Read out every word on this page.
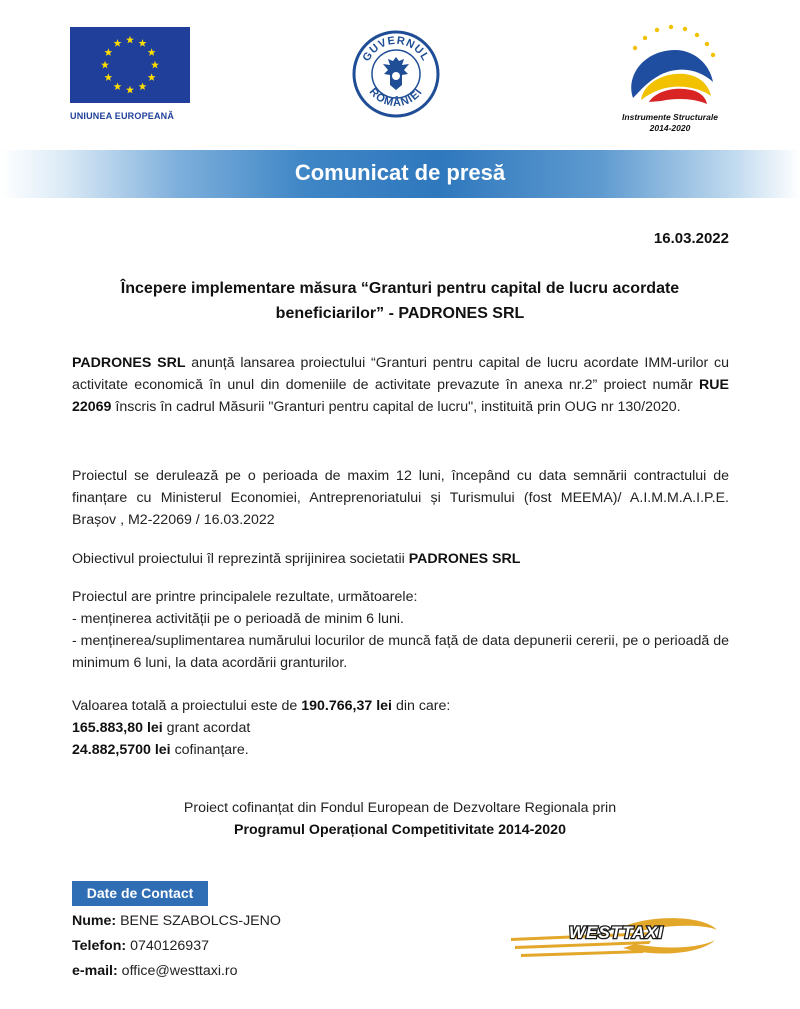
UNIUNEA EUROPEANĂ
GUVERNUL
ROMÂNIEI
Instrumente Structurale
2014-2020
Comunicat de presă
16.03.2022
Începere implementare măsura “Granturi pentru capital de lucru acordate
beneficiarilor” - PADRONES SRL
PADRONES SRL anunță lansarea proiectului “Granturi pentru capital de lucru acordate IMM-urilor cu activitate economică în unul din domeniile de activitate prevazute în anexa nr.2” proiect număr RUE 22069 înscris în cadrul Măsurii "Granturi pentru capital de lucru", instituită prin OUG nr 130/2020.
Proiectul se derulează pe o perioada de maxim 12 luni, începând cu data semnării contractului de finanțare cu Ministerul Economiei, Antreprenoriatului și Turismului (fost MEEMA)/ A.I.M.M.A.I.P.E. Brașov , M2-22069 / 16.03.2022
Obiectivul proiectului îl reprezintă sprijinirea societatii PADRONES SRL
Proiectul are printre principalele rezultate, următoarele:
- menținerea activității pe o perioadă de minim 6 luni.
- menținerea/suplimentarea numărului locurilor de muncă față de data depunerii cererii, pe o perioadă de minimum 6 luni, la data acordării granturilor.
Valoarea totală a proiectului este de 190.766,37 lei din care:
165.883,80 lei grant acordat
24.882,5700 lei cofinanțare.
Proiect cofinanțat din Fondul European de Dezvoltare Regionala prin
Programul Operațional Competitivitate 2014-2020
Date de Contact
Nume: BENE SZABOLCS-JENO
Telefon: 0740126937
e-mail: office@westtaxi.ro
WESTTAXI
